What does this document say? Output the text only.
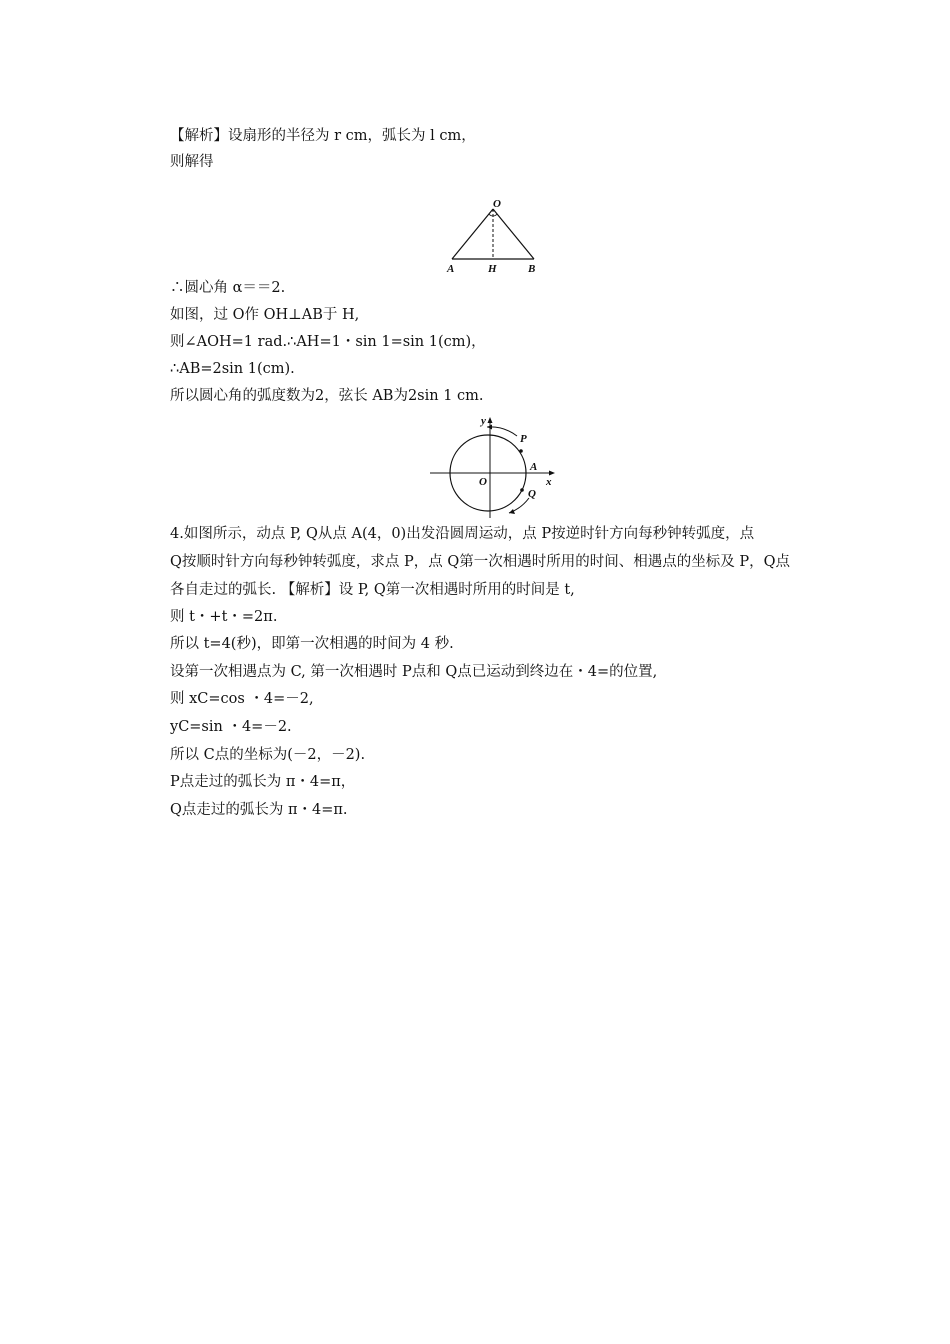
【解析】设扇形的半径为 r cm，弧长为 l cm，
则解得
O
A	H	B
∴圆心角 α＝＝2.
如图，过 O作 OH⊥AB于 H,
则∠AOH=1 rad.∴AH=1・sin 1=sin 1(cm)，
∴AB=2sin 1(cm).
所以圆心角的弧度数为2，弦长 AB为2sin 1 cm.
y
x
O
A
P
Q
4.如图所示，动点 P, Q从点 A(4，0)出发沿圆周运动，点 P按逆时针方向每秒钟转弧度，点
Q按顺时针方向每秒钟转弧度，求点 P，点 Q第一次相遇时所用的时间、相遇点的坐标及 P，Q点
各自走过的弧长. 【解析】设 P, Q第一次相遇时所用的时间是 t,
则 t・+t・=2π.
所以 t=4(秒)，即第一次相遇的时间为 4 秒.
设第一次相遇点为 C, 第一次相遇时 P点和 Q点已运动到终边在・4=的位置,
则 xC=cos ・4=－2,
yC=sin ・4=－2.
所以 C点的坐标为(－2，－2).
P点走过的弧长为 π・4=π，
Q点走过的弧长为 π・4=π.
